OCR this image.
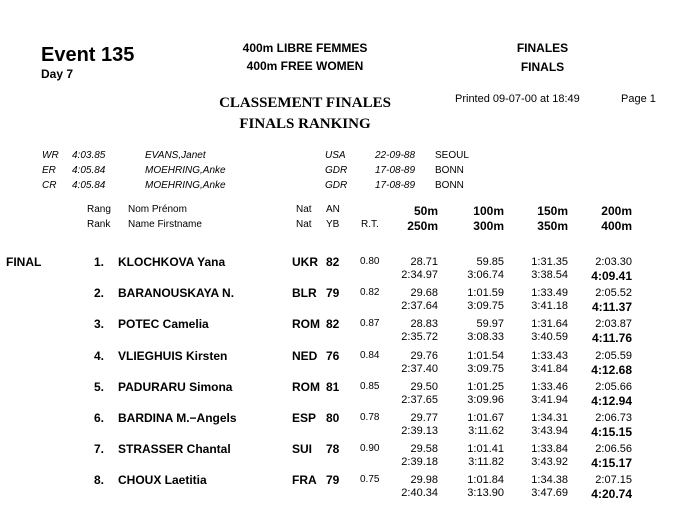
Event 135
Day 7
400m LIBRE FEMMES
400m FREE WOMEN
FINALES
FINALS
CLASSEMENT FINALES
FINALS RANKING
Printed 09-07-00 at 18:49	Page 1
WR 4:03.85	EVANS,Janet	USA	22-09-88 SEOUL
ER 4:05.84	MOEHRING,Anke	GDR	17-08-89 BONN
CR 4:05.84	MOEHRING,Anke	GDR	17-08-89 BONN
Rang
Rank
Nom Prénom
Name Firstname
Nat AN
Nat YB R.T.
50m	100m	150m	200m
250m	300m	350m	400m
FINAL	1. KLOCHKOVA Yana	UKR 82 0.80	28.71	59.85	1:31.35	2:03.30
2:34.97	3:06.74	3:38.54	4:09.41
2. BARANOUSKAYA N.	BLR 79 0.82	29.68	1:01.59	1:33.49	2:05.52
2:37.64	3:09.75	3:41.18	4:11.37
3. POTEC Camelia	ROM 82 0.87	28.83	59.97	1:31.64	2:03.87
2:35.72	3:08.33	3:40.59	4:11.76
4. VLIEGHUIS Kirsten	NED 76 0.84	29.76	1:01.54	1:33.43	2:05.59
2:37.40	3:09.75	3:41.84	4:12.68
5. PADURARU Simona	ROM 81 0.85	29.50	1:01.25	1:33.46	2:05.66
2:37.65	3:09.96	3:41.94	4:12.94
6. BARDINA M.−Angels	ESP 80 0.78	29.77	1:01.67	1:34.31	2:06.73
2:39.13	3:11.62	3:43.94	4:15.15
7. STRASSER Chantal	SUI 78 0.90	29.58	1:01.41	1:33.84	2:06.56
2:39.18	3:11.82	3:43.92	4:15.17
8. CHOUX Laetitia	FRA 79 0.75	29.98	1:01.84	1:34.38	2:07.15
2:40.34	3:13.90	3:47.69	4:20.74
